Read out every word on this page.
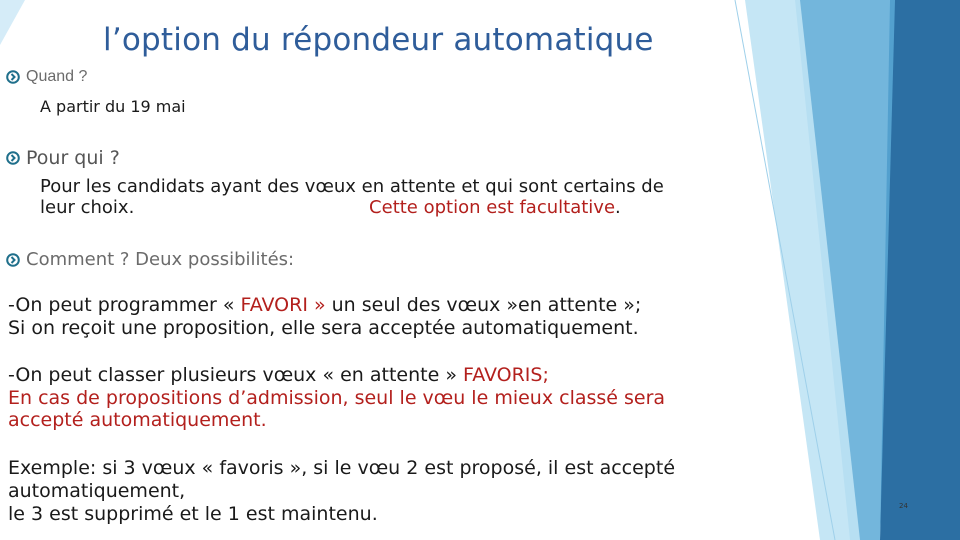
l’option du répondeur automatique
Quand ?
A partir du 19 mai
Pour qui ?
Pour les candidats ayant des vœux en attente et qui sont certains de
leur choix.	Cette option est facultative.
Comment ? Deux possibilités:
-On peut programmer « FAVORI » un seul des vœux »en attente »;
Si on reçoit une proposition, elle sera acceptée automatiquement.
-On peut classer plusieurs vœux « en attente » FAVORIS;
En cas de propositions d’admission, seul le vœu le mieux classé sera
accepté automatiquement.
Exemple: si 3 vœux « favoris », si le vœu 2 est proposé, il est accepté
automatiquement,
le 3 est supprimé et le 1 est maintenu.	24
